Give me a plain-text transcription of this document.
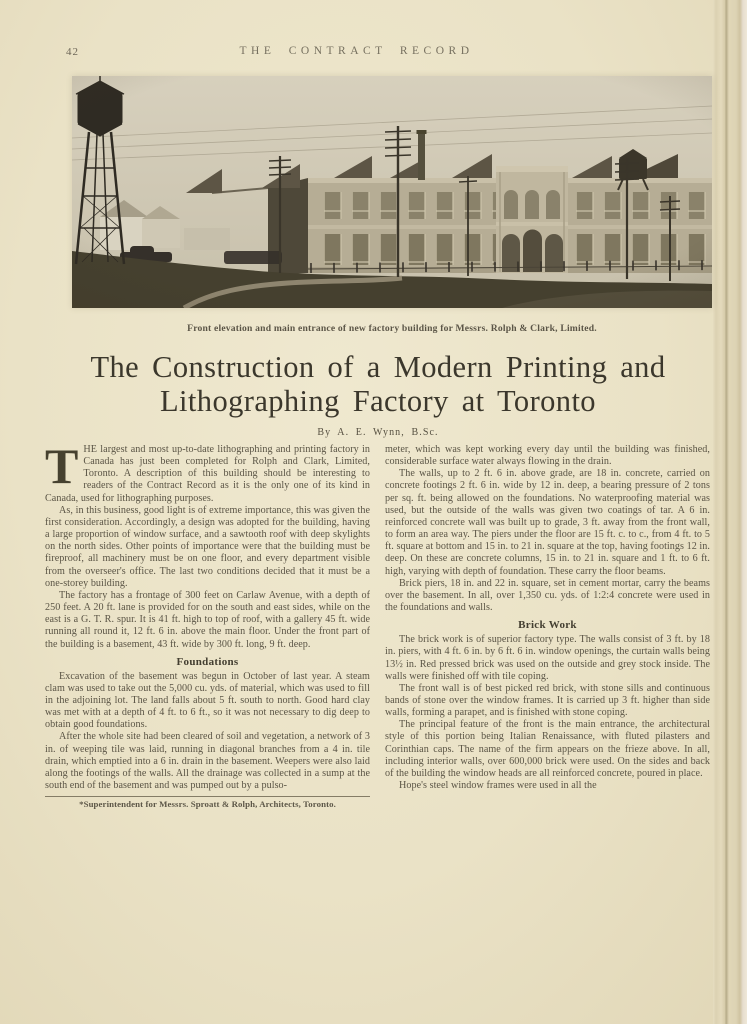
42	THE CONTRACT RECORD
Front elevation and main entrance of new factory building for Messrs. Rolph & Clark, Limited.
The Construction of a Modern Printing and
Lithographing Factory at Toronto
By A. E. Wynn, B.Sc.

THE largest and most up-to-date lithographing and printing factory in Canada has just been completed for Rolph and Clark, Limited, Toronto. A description of this building should be interesting to readers of the Contract Record as it is the only one of its kind in Canada, used for lithographing purposes.

As, in this business, good light is of extreme importance, this was given the first consideration. Accordingly, a design was adopted for the building, having a large proportion of window surface, and a sawtooth roof with deep skylights on the north sides. Other points of importance were that the building must be fireproof, all machinery must be on one floor, and every department visible from the overseer's office. The last two conditions decided that it must be a one-storey building.

The factory has a frontage of 300 feet on Carlaw Avenue, with a depth of 250 feet. A 20 ft. lane is provided for on the south and east sides, while on the east is a G. T. R. spur. It is 41 ft. high to top of roof, with a gallery 45 ft. wide running all round it, 12 ft. 6 in. above the main floor. Under the front part of the building is a basement, 43 ft. wide by 300 ft. long, 9 ft. deep.

Foundations

Excavation of the basement was begun in October of last year. A steam clam was used to take out the 5,000 cu. yds. of material, which was used to fill in the adjoining lot. The land falls about 5 ft. south to north. Good hard clay was met with at a depth of 4 ft. to 6 ft., so it was not necessary to dig deep to obtain good foundations.

After the whole site had been cleared of soil and vegetation, a network of 3 in. of weeping tile was laid, running in diagonal branches from a 4 in. tile drain, which emptied into a 6 in. drain in the basement. Weepers were also laid along the footings of the walls. All the drainage was collected in a sump at the south end of the basement and was pumped out by a pulso-

*Superintendent for Messrs. Sproatt & Rolph, Architects, Toronto.

meter, which was kept working every day until the building was finished, considerable surface water always flowing in the drain.

The walls, up to 2 ft. 6 in. above grade, are 18 in. concrete, carried on concrete footings 2 ft. 6 in. wide by 12 in. deep, a bearing pressure of 2 tons per sq. ft. being allowed on the foundations. No waterproofing material was used, but the outside of the walls was given two coatings of tar. A 6 in. reinforced concrete wall was built up to grade, 3 ft. away from the front wall, to form an area way. The piers under the floor are 15 ft. c. to c., from 4 ft. to 5 ft. square at bottom and 15 in. to 21 in. square at the top, having footings 12 in. deep. On these are concrete columns, 15 in. to 21 in. square and 1 ft. to 6 ft. high, varying with depth of foundation. These carry the floor beams.

Brick piers, 18 in. and 22 in. square, set in cement mortar, carry the beams over the basement. In all, over 1,350 cu. yds. of 1:2:4 concrete were used in the foundations and walls.

Brick Work

The brick work is of superior factory type. The walls consist of 3 ft. by 18 in. piers, with 4 ft. 6 in. by 6 ft. 6 in. window openings, the curtain walls being 13½ in. Red pressed brick was used on the outside and grey stock inside. The walls were finished off with tile coping.

The front wall is of best picked red brick, with stone sills and continuous bands of stone over the window frames. It is carried up 3 ft. higher than side walls, forming a parapet, and is finished with stone coping.

The principal feature of the front is the main entrance, the architectural style of this portion being Italian Renaissance, with fluted pilasters and Corinthian caps. The name of the firm appears on the frieze above. In all, including interior walls, over 600,000 brick were used. On the sides and back of the building the window heads are all reinforced concrete, poured in place.

Hope's steel window frames were used in all the
